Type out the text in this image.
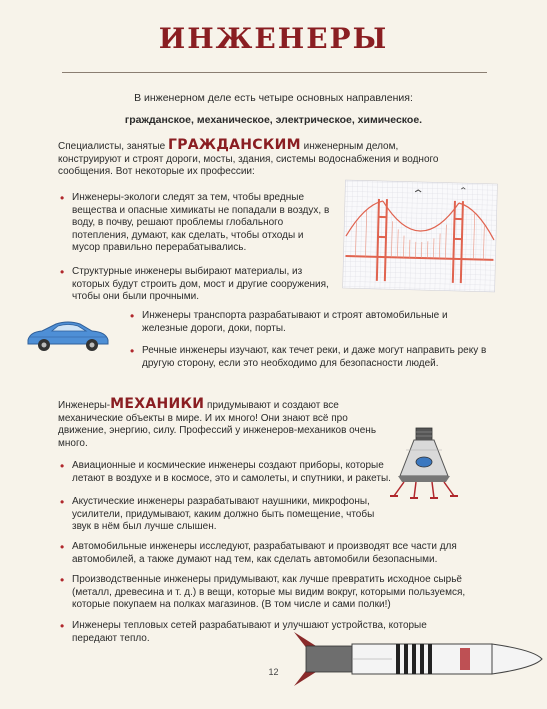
ИНЖЕНЕРЫ
В инженерном деле есть четыре основных направления:
гражданское, механическое, электрическое, химическое.
Специалисты, занятые ГРАЖДАНСКИМ инженерным делом, конструируют и строят дороги, мосты, здания, системы водоснабжения и водного сообщения. Вот некоторые их профессии:
• Инженеры-экологи следят за тем, чтобы вредные вещества и опасные химикаты не попадали в воздух, в воду, в почву, решают проблемы глобального потепления, думают, как сделать, чтобы отходы и мусор правильно перерабатывались.
• Структурные инженеры выбирают материалы, из которых будут строить дом, мост и другие сооружения, чтобы они были прочными.
• Инженеры транспорта разрабатывают и строят автомобильные и железные дороги, доки, порты.
• Речные инженеры изучают, как течет реки, и даже могут направить реку в другую сторону, если это необходимо для безопасности людей.
Инженеры-МЕХАНИКИ придумывают и создают все механические объекты в мире. И их много! Они знают всё про движение, энергию, силу. Профессий у инженеров-механиков очень много.
• Авиационные и космические инженеры создают приборы, которые летают в воздухе и в космосе, это и самолеты, и спутники, и ракеты.
• Акустические инженеры разрабатывают наушники, микрофоны, усилители, придумывают, каким должно быть помещение, чтобы звук в нём был лучше слышен.
• Автомобильные инженеры исследуют, разрабатывают и производят все части для автомобилей, а также думают над тем, как сделать автомобили безопасными.
• Производственные инженеры придумывают, как лучше превратить исходное сырьё (металл, древесина и т. д.) в вещи, которые мы видим вокруг, которыми пользуемся, которые покупаем на полках магазинов. (В том числе и сами полки!)
• Инженеры тепловых сетей разрабатывают и улучшают устройства, которые передают тепло.
12
